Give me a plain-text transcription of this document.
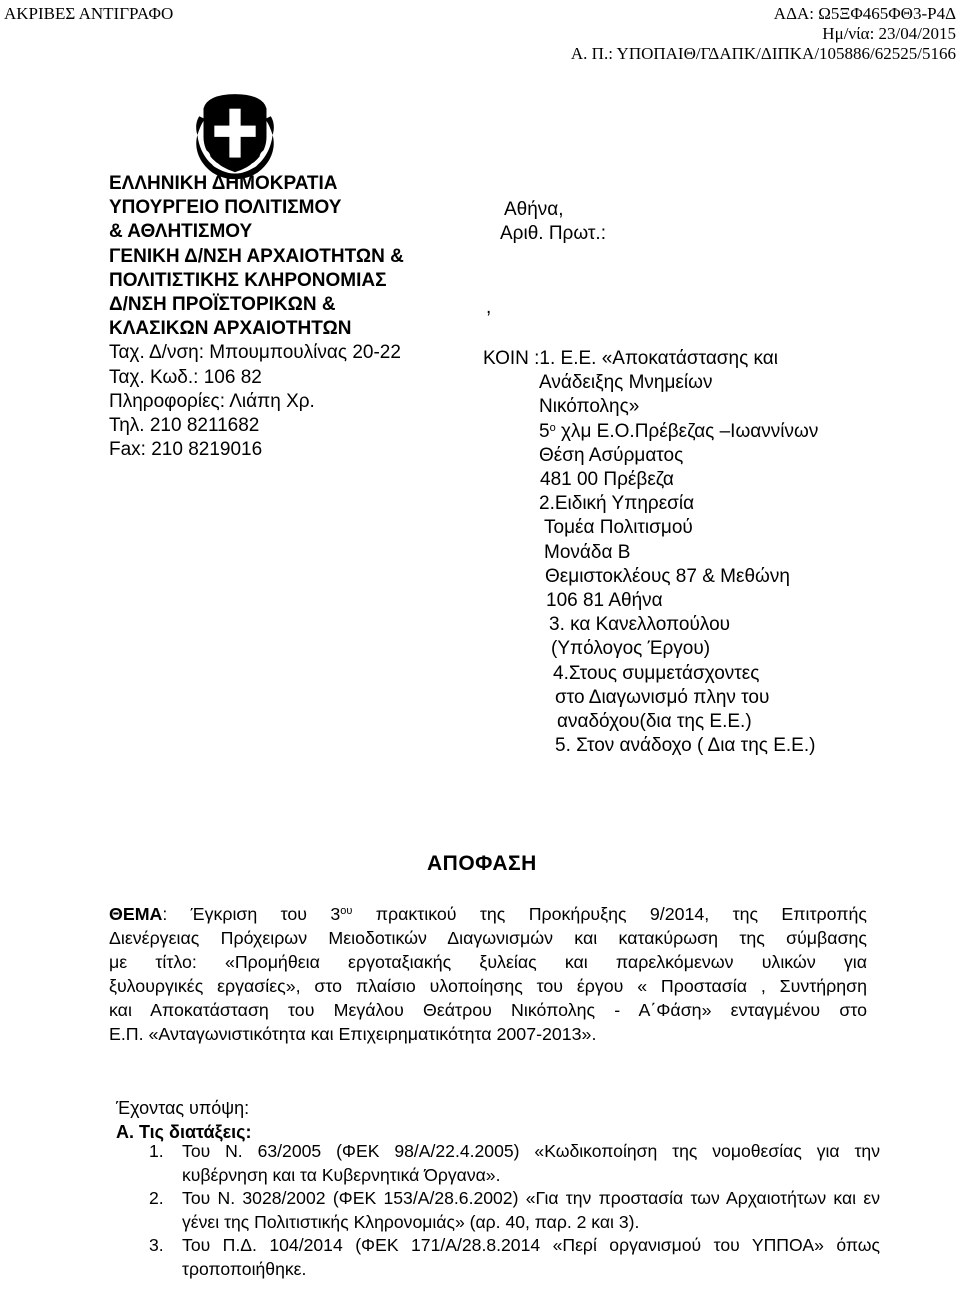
ΑΚΡΙΒΕΣ ΑΝΤΙΓΡΑΦΟ	ΑΔΑ: Ω5ΞΦ465ΦΘ3-Ρ4Δ
Ημ/νία: 23/04/2015
Α. Π.: ΥΠΟΠΑΙΘ/ΓΔΑΠΚ/ΔΙΠΚΑ/105886/62525/5166
ΕΛΛΗΝΙΚΗ ΔΗΜΟΚΡΑΤΙΑ
ΥΠΟΥΡΓΕΙΟ ΠΟΛΙΤΙΣΜΟΥ
& ΑΘΛΗΤΙΣΜΟΥ
ΓΕΝΙΚΗ Δ/ΝΣΗ ΑΡΧΑΙΟΤΗΤΩΝ &
ΠΟΛΙΤΙΣΤΙΚΗΣ ΚΛΗΡΟΝΟΜΙΑΣ
Δ/ΝΣΗ ΠΡΟΪΣΤΟΡΙΚΩΝ &
ΚΛΑΣΙΚΩΝ ΑΡΧΑΙΟΤΗΤΩΝ
Ταχ. Δ/νση: Μπουμπουλίνας 20-22
Ταχ. Κωδ.: 106 82
Πληροφορίες: Λιάπη Χρ.
Τηλ. 210 8211682
Fax: 210 8219016
Αθήνα,
Αριθ. Πρωτ.:
,
ΚΟΙΝ :1. Ε.Ε. «Αποκατάστασης και
Ανάδειξης Μνημείων
Νικόπολης»
$5^o$ χλμ Ε.Ο.Πρέβεζας –Ιωαννίνων
Θέση Ασύρματος
481 00 Πρέβεζα
2.Ειδική Υπηρεσία
Τομέα Πολιτισμού
Μονάδα Β
Θεμιστοκλέους 87 & Μεθώνη
106 81 Αθήνα
3. κα Κανελλοπούλου
(Υπόλογος Έργου)
4.Στους συμμετάσχοντες
στο Διαγωνισμό πλην του
αναδόχου(δια της Ε.Ε.)
5. Στον ανάδοχο ( Δια της Ε.Ε.)
ΑΠΟΦΑΣΗ
ΘΕΜΑ: Έγκριση του $3^{o\upsilon}$ πρακτικού της Προκήρυξης 9/2014, της Επιτροπής
Διενέργειας Πρόχειρων Μειοδοτικών Διαγωνισμών και κατακύρωση της σύμβασης
με τίτλο: «Προμήθεια εργοταξιακής ξυλείας και παρελκόμενων υλικών για
ξυλουργικές εργασίες», στο πλαίσιο υλοποίησης του έργου « Προστασία , Συντήρηση
και Αποκατάσταση του Μεγάλου Θεάτρου Νικόπολης - Α΄Φάση» ενταγμένου στο
Ε.Π. «Ανταγωνιστικότητα και Επιχειρηματικότητα 2007-2013».
Έχοντας υπόψη:
Α. Τις διατάξεις:
1. Του Ν. 63/2005 (ΦΕΚ 98/Α/22.4.2005) «Κωδικοποίηση της νομοθεσίας για την κυβέρνηση και τα Κυβερνητικά Όργανα».
2. Του Ν. 3028/2002 (ΦΕΚ 153/Α/28.6.2002) «Για την προστασία των Αρχαιοτήτων και εν γένει της Πολιτιστικής Κληρονομιάς» (αρ. 40, παρ. 2 και 3).
3. Του Π.Δ. 104/2014 (ΦΕΚ 171/Α/28.8.2014 «Περί οργανισμού του ΥΠΠΟΑ» όπως τροποποιήθηκε.
